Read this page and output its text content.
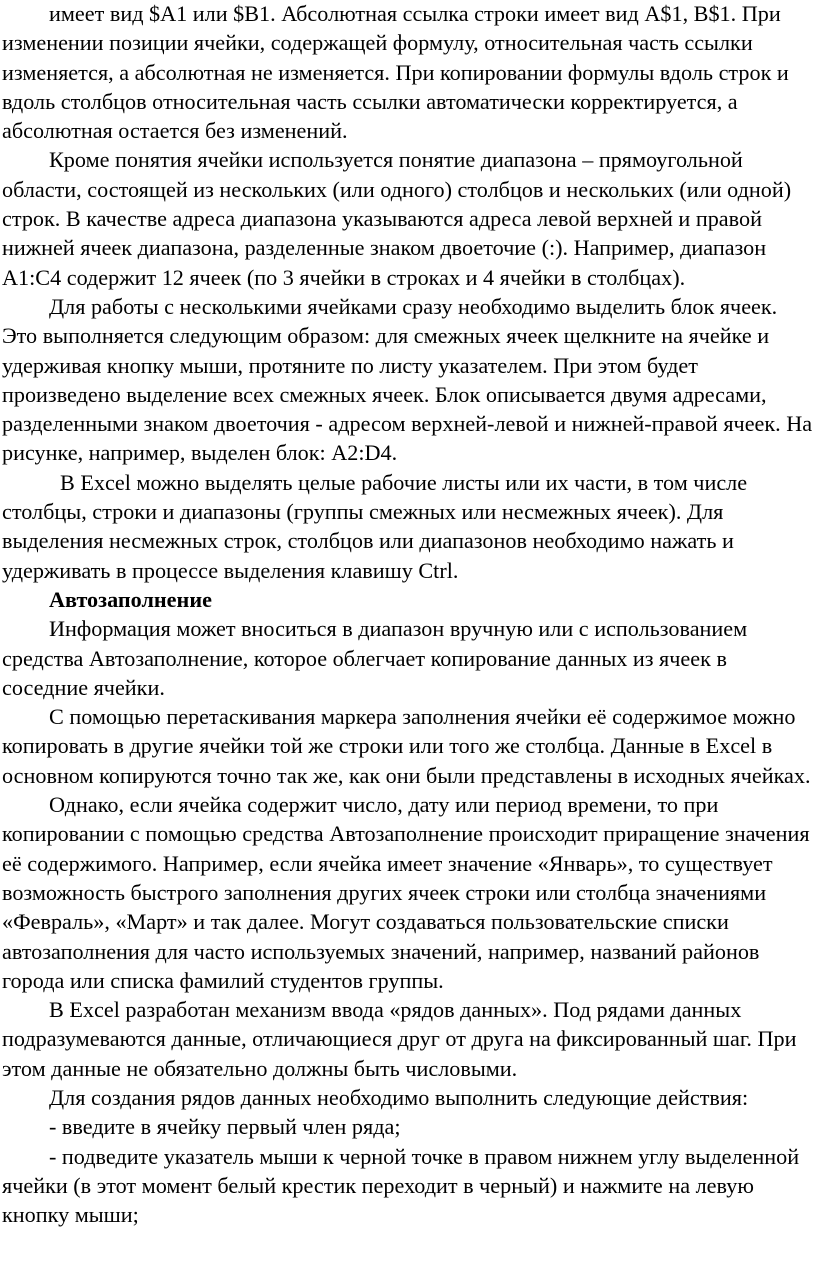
имеет вид $A1 или $B1. Абсолютная ссылка строки имеет вид A$1, B$1. При изменении позиции ячейки, содержащей формулу, относительная часть ссылки изменяется, а абсолютная не изменяется. При копировании формулы вдоль строк и вдоль столбцов относительная часть ссылки автоматически корректируется, а абсолютная остается без изменений.

Кроме понятия ячейки используется понятие диапазона – прямоугольной области, состоящей из нескольких (или одного) столбцов и нескольких (или одной) строк. В качестве адреса диапазона указываются адреса левой верхней и правой нижней ячеек диапазона, разделенные знаком двоеточие (:). Например, диапазон A1:C4 содержит 12 ячеек (по 3 ячейки в строках и 4 ячейки в столбцах).

Для работы с несколькими ячейками сразу необходимо выделить блок ячеек. Это выполняется следующим образом: для смежных ячеек щелкните на ячейке и удерживая кнопку мыши, протяните по листу указателем. При этом будет произведено выделение всех смежных ячеек. Блок описывается двумя адресами, разделенными знаком двоеточия - адресом верхней-левой и нижней-правой ячеек. На рисунке, например, выделен блок: A2:D4.

В Excel можно выделять целые рабочие листы или их части, в том числе столбцы, строки и диапазоны (группы смежных или несмежных ячеек). Для выделения несмежных строк, столбцов или диапазонов необходимо нажать и удерживать в процессе выделения клавишу Ctrl.

Автозаполнение

Информация может вноситься в диапазон вручную или с использованием средства Автозаполнение, которое облегчает копирование данных из ячеек в соседние ячейки.

С помощью перетаскивания маркера заполнения ячейки её содержимое можно копировать в другие ячейки той же строки или того же столбца. Данные в Excel в основном копируются точно так же, как они были представлены в исходных ячейках.

Однако, если ячейка содержит число, дату или период времени, то при копировании с помощью средства Автозаполнение происходит приращение значения её содержимого. Например, если ячейка имеет значение «Январь», то существует возможность быстрого заполнения других ячеек строки или столбца значениями «Февраль», «Март» и так далее. Могут создаваться пользовательские списки автозаполнения для часто используемых значений, например, названий районов города или списка фамилий студентов группы.

В Excel разработан механизм ввода «рядов данных». Под рядами данных подразумеваются данные, отличающиеся друг от друга на фиксированный шаг. При этом данные не обязательно должны быть числовыми.

Для создания рядов данных необходимо выполнить следующие действия:

- введите в ячейку первый член ряда;

- подведите указатель мыши к черной точке в правом нижнем углу выделенной ячейки (в этот момент белый крестик переходит в черный) и нажмите на левую кнопку мыши;
